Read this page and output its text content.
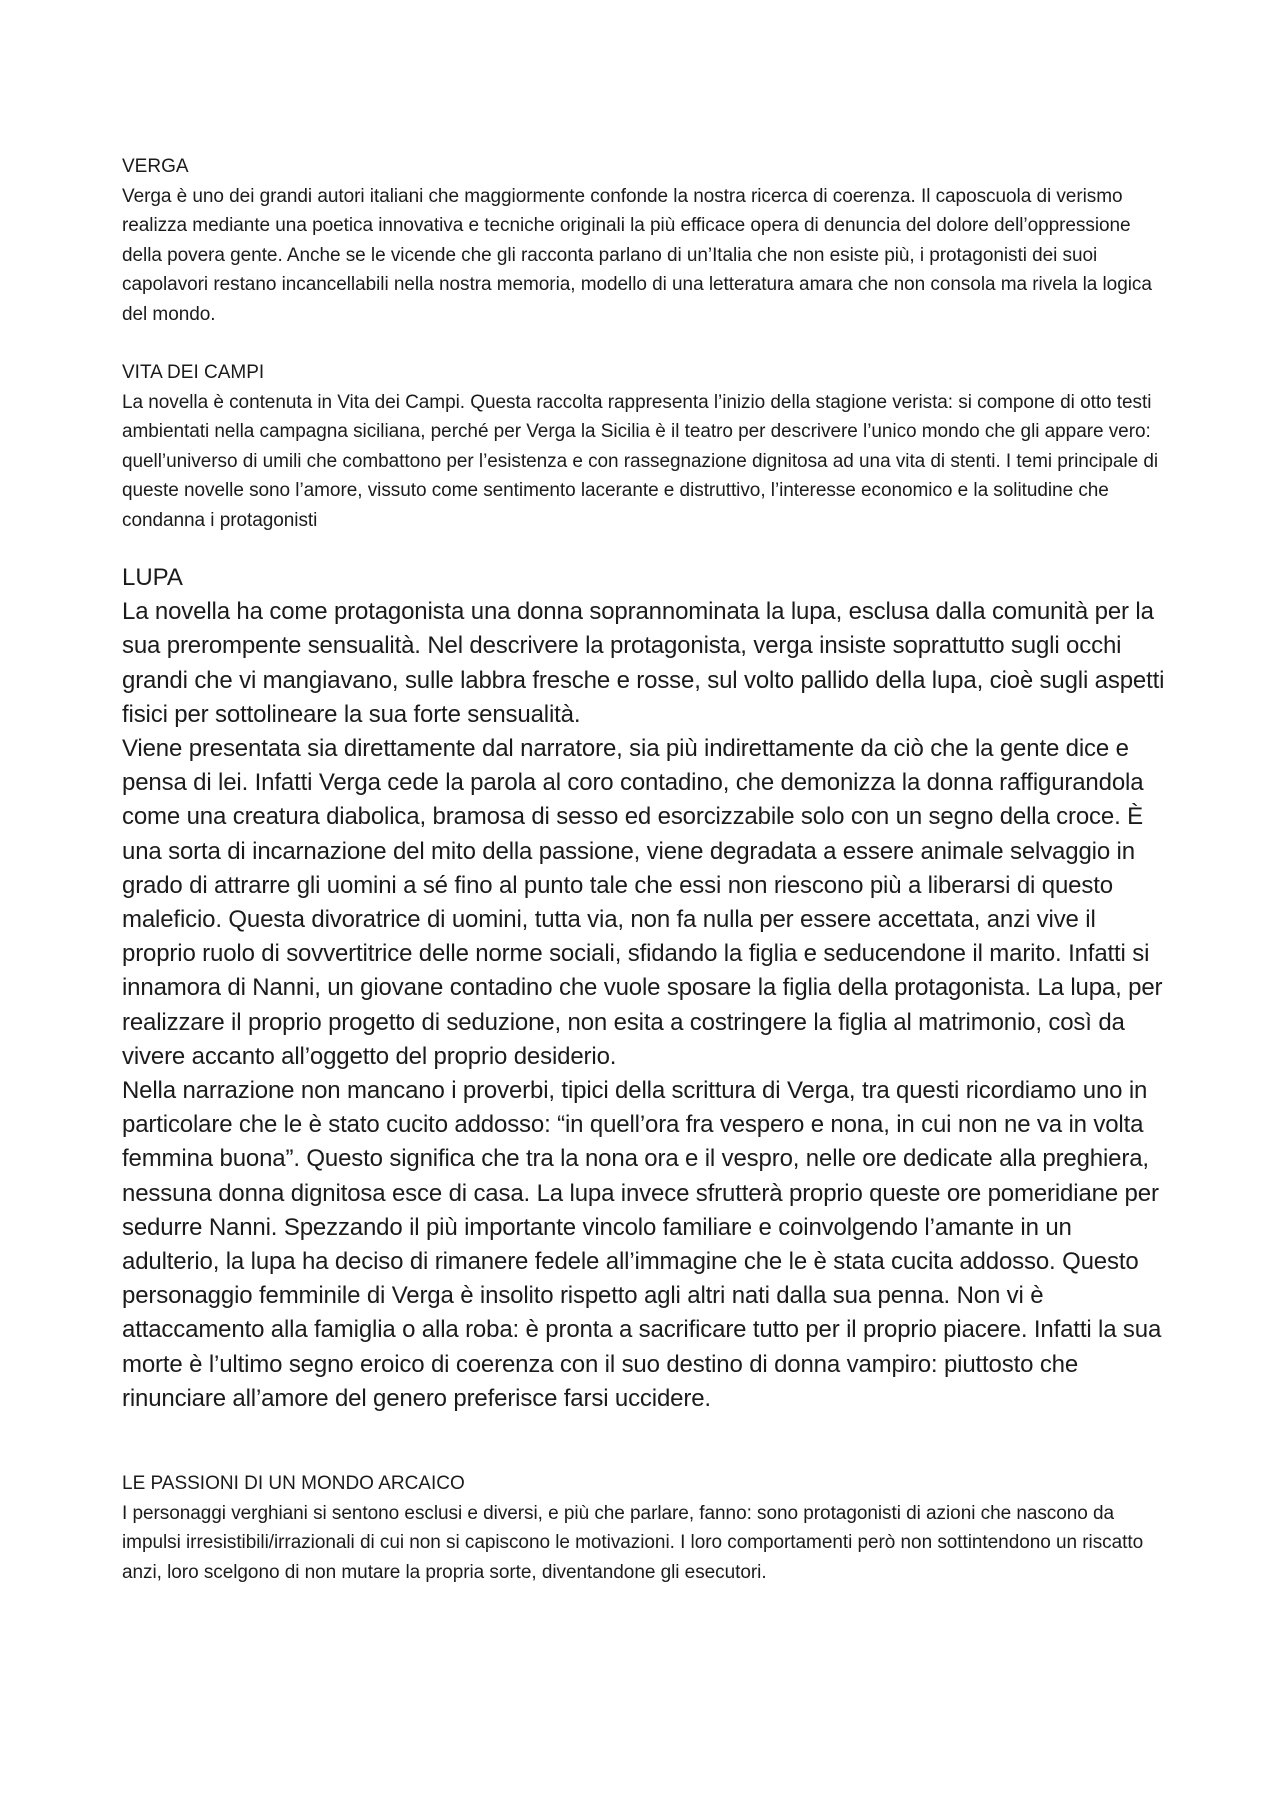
VERGA

Verga è uno dei grandi autori italiani che maggiormente confonde la nostra ricerca di coerenza. Il caposcuola di verismo realizza mediante una poetica innovativa e tecniche originali la più efficace opera di denuncia del dolore dell’oppressione della povera gente. Anche se le vicende che gli racconta parlano di un’Italia che non esiste più, i protagonisti dei suoi capolavori restano incancellabili nella nostra memoria, modello di una letteratura amara che non consola ma rivela la logica del mondo.

VITA DEI CAMPI

La novella è contenuta in Vita dei Campi. Questa raccolta rappresenta l’inizio della stagione verista: si compone di otto testi ambientati nella campagna siciliana, perché per Verga la Sicilia è il teatro per descrivere l’unico mondo che gli appare vero: quell’universo di umili che combattono per l’esistenza e con rassegnazione dignitosa ad una vita di stenti. I temi principale di queste novelle sono l’amore, vissuto come sentimento lacerante e distruttivo, l’interesse economico e la solitudine che condanna i protagonisti

LUPA

La novella ha come protagonista una donna soprannominata la lupa, esclusa dalla comunità per la sua prerompente sensualità. Nel descrivere la protagonista, verga insiste soprattutto sugli occhi grandi che vi mangiavano, sulle labbra fresche e rosse, sul volto pallido della lupa, cioè sugli aspetti fisici per sottolineare la sua forte sensualità.

Viene presentata sia direttamente dal narratore, sia più indirettamente da ciò che la gente dice e pensa di lei. Infatti Verga cede la parola al coro contadino, che demonizza la donna raffigurandola come una creatura diabolica, bramosa di sesso ed esorcizzabile solo con un segno della croce. È una sorta di incarnazione del mito della passione, viene degradata a essere animale selvaggio in grado di attrarre gli uomini a sé fino al punto tale che essi non riescono più a liberarsi di questo maleficio. Questa divoratrice di uomini, tutta via, non fa nulla per essere accettata, anzi vive il proprio ruolo di sovvertitrice delle norme sociali, sfidando la figlia e seducendone il marito. Infatti si innamora di Nanni, un giovane contadino che vuole sposare la figlia della protagonista. La lupa, per realizzare il proprio progetto di seduzione, non esita a costringere la figlia al matrimonio, così da vivere accanto all’oggetto del proprio desiderio.

Nella narrazione non mancano i proverbi, tipici della scrittura di Verga, tra questi ricordiamo uno in particolare che le è stato cucito addosso: “in quell’ora fra vespero e nona, in cui non ne va in volta femmina buona”. Questo significa che tra la nona ora e il vespro, nelle ore dedicate alla preghiera, nessuna donna dignitosa esce di casa. La lupa invece sfrutterà proprio queste ore pomeridiane per sedurre Nanni. Spezzando il più importante vincolo familiare e coinvolgendo l’amante in un adulterio, la lupa ha deciso di rimanere fedele all’immagine che le è stata cucita addosso. Questo personaggio femminile di Verga è insolito rispetto agli altri nati dalla sua penna. Non vi è attaccamento alla famiglia o alla roba: è pronta a sacrificare tutto per il proprio piacere. Infatti la sua morte è l’ultimo segno eroico di coerenza con il suo destino di donna vampiro: piuttosto che rinunciare all’amore del genero preferisce farsi uccidere.

LE PASSIONI DI UN MONDO ARCAICO

I personaggi verghiani si sentono esclusi e diversi, e più che parlare, fanno: sono protagonisti di azioni che nascono da impulsi irresistibili/irrazionali di cui non si capiscono le motivazioni. I loro comportamenti però non sottintendono un riscatto anzi, loro scelgono di non mutare la propria sorte, diventandone gli esecutori.
